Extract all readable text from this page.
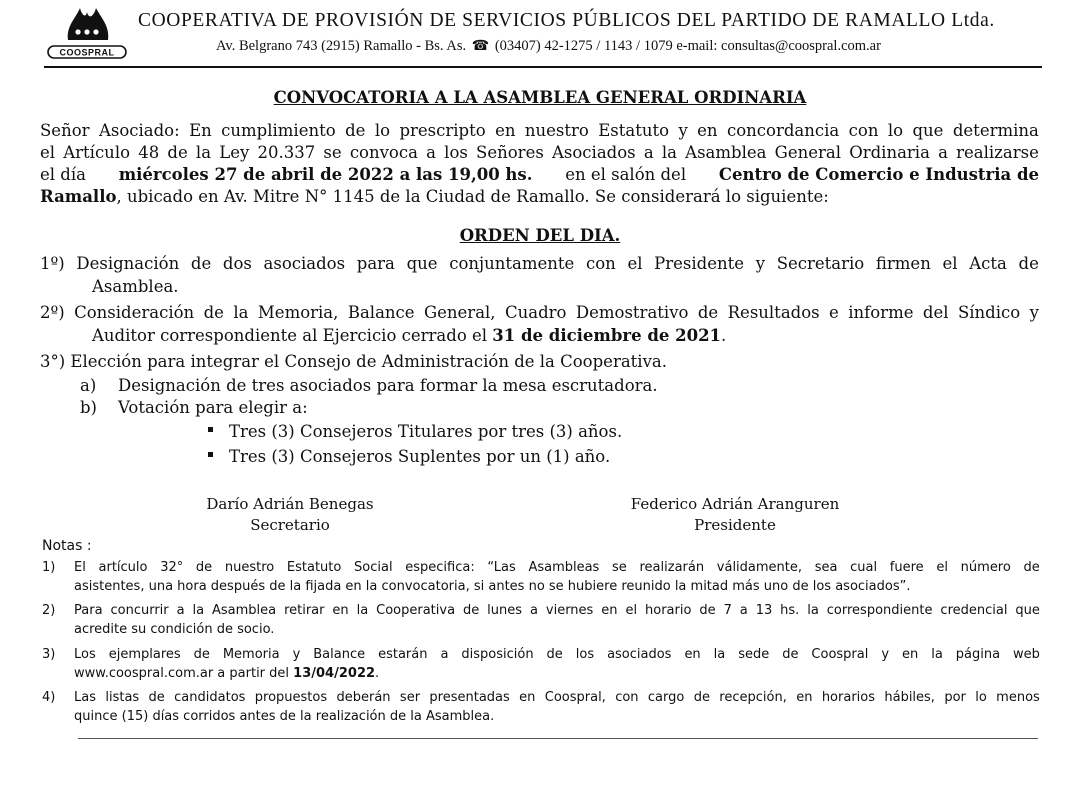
COOSPRAL
COOPERATIVA DE PROVISIÓN DE SERVICIOS PÚBLICOS DEL PARTIDO DE RAMALLO Ltda.
Av. Belgrano 743 (2915) Ramallo - Bs. As. ☎ (03407) 42-1275 / 1143 / 1079 e-mail: consultas@coospral.com.ar
CONVOCATORIA A LA ASAMBLEA GENERAL ORDINARIA
Señor Asociado: En cumplimiento de lo prescripto en nuestro Estatuto y en concordancia con lo que determina
el Artículo 48 de la Ley 20.337 se convoca a los Señores Asociados a la Asamblea General Ordinaria a realizarse
el día miércoles 27 de abril de 2022 a las 19,00 hs. en el salón del Centro de Comercio e Industria de
Ramallo , ubicado en Av. Mitre N° 1145 de la Ciudad de Ramallo. Se considerará lo siguiente:
ORDEN DEL DIA.
1º) Designación de dos asociados para que conjuntamente con el Presidente y Secretario firmen el Acta de
Asamblea.
2º) Consideración de la Memoria, Balance General, Cuadro Demostrativo de Resultados e informe del Síndico y
Auditor correspondiente al Ejercicio cerrado el 31 de diciembre de 2021.
3°) Elección para integrar el Consejo de Administración de la Cooperativa.
a) Designación de tres asociados para formar la mesa escrutadora.
b) Votación para elegir a:
Tres (3) Consejeros Titulares por tres (3) años.
Tres (3) Consejeros Suplentes por un (1) año.
Darío Adrián Benegas
Secretario
Federico Adrián Aranguren
Presidente
Notas :
1) El artículo 32° de nuestro Estatuto Social especifica: “Las Asambleas se realizarán válidamente, sea cual fuere el número de
asistentes, una hora después de la fijada en la convocatoria, si antes no se hubiere reunido la mitad más uno de los asociados”.
2) Para concurrir a la Asamblea retirar en la Cooperativa de lunes a viernes en el horario de 7 a 13 hs. la correspondiente credencial que
acredite su condición de socio.
3) Los ejemplares de Memoria y Balance estarán a disposición de los asociados en la sede de Coospral y en la página web
www.coospral.com.ar a partir del
13/04/2022 .
4) Las listas de candidatos propuestos deberán ser presentadas en Coospral, con cargo de recepción, en horarios hábiles, por lo menos
quince (15) días corridos antes de la realización de la Asamblea.
